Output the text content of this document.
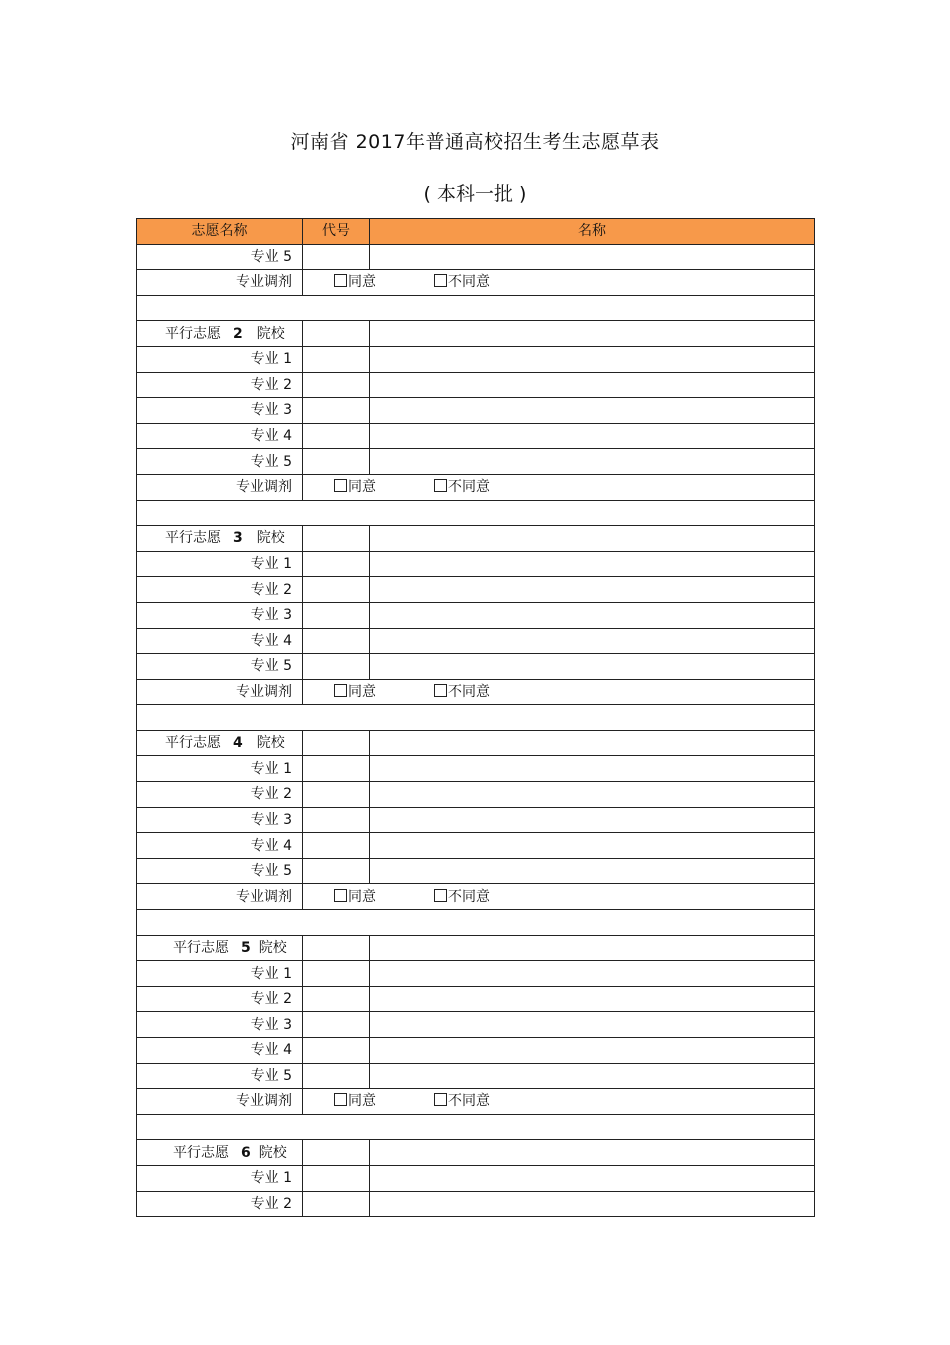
河南省 2017年普通高校招生考生志愿草表
( 本科一批 )
志愿名称	代号	名称
专业 5		
专业调剂	同意 不同意	

平行志愿 2 院校		
专业 1		
专业 2		
专业 3		
专业 4		
专业 5		
专业调剂	同意 不同意	

平行志愿 3 院校		
专业 1		
专业 2		
专业 3		
专业 4		
专业 5		
专业调剂	同意 不同意	

平行志愿 4 院校		
专业 1		
专业 2		
专业 3		
专业 4		
专业 5		
专业调剂	同意 不同意	

平行志愿 5 院校		
专业 1		
专业 2		
专业 3		
专业 4		
专业 5		
专业调剂	同意 不同意	

平行志愿 6 院校		
专业 1		
专业 2		
